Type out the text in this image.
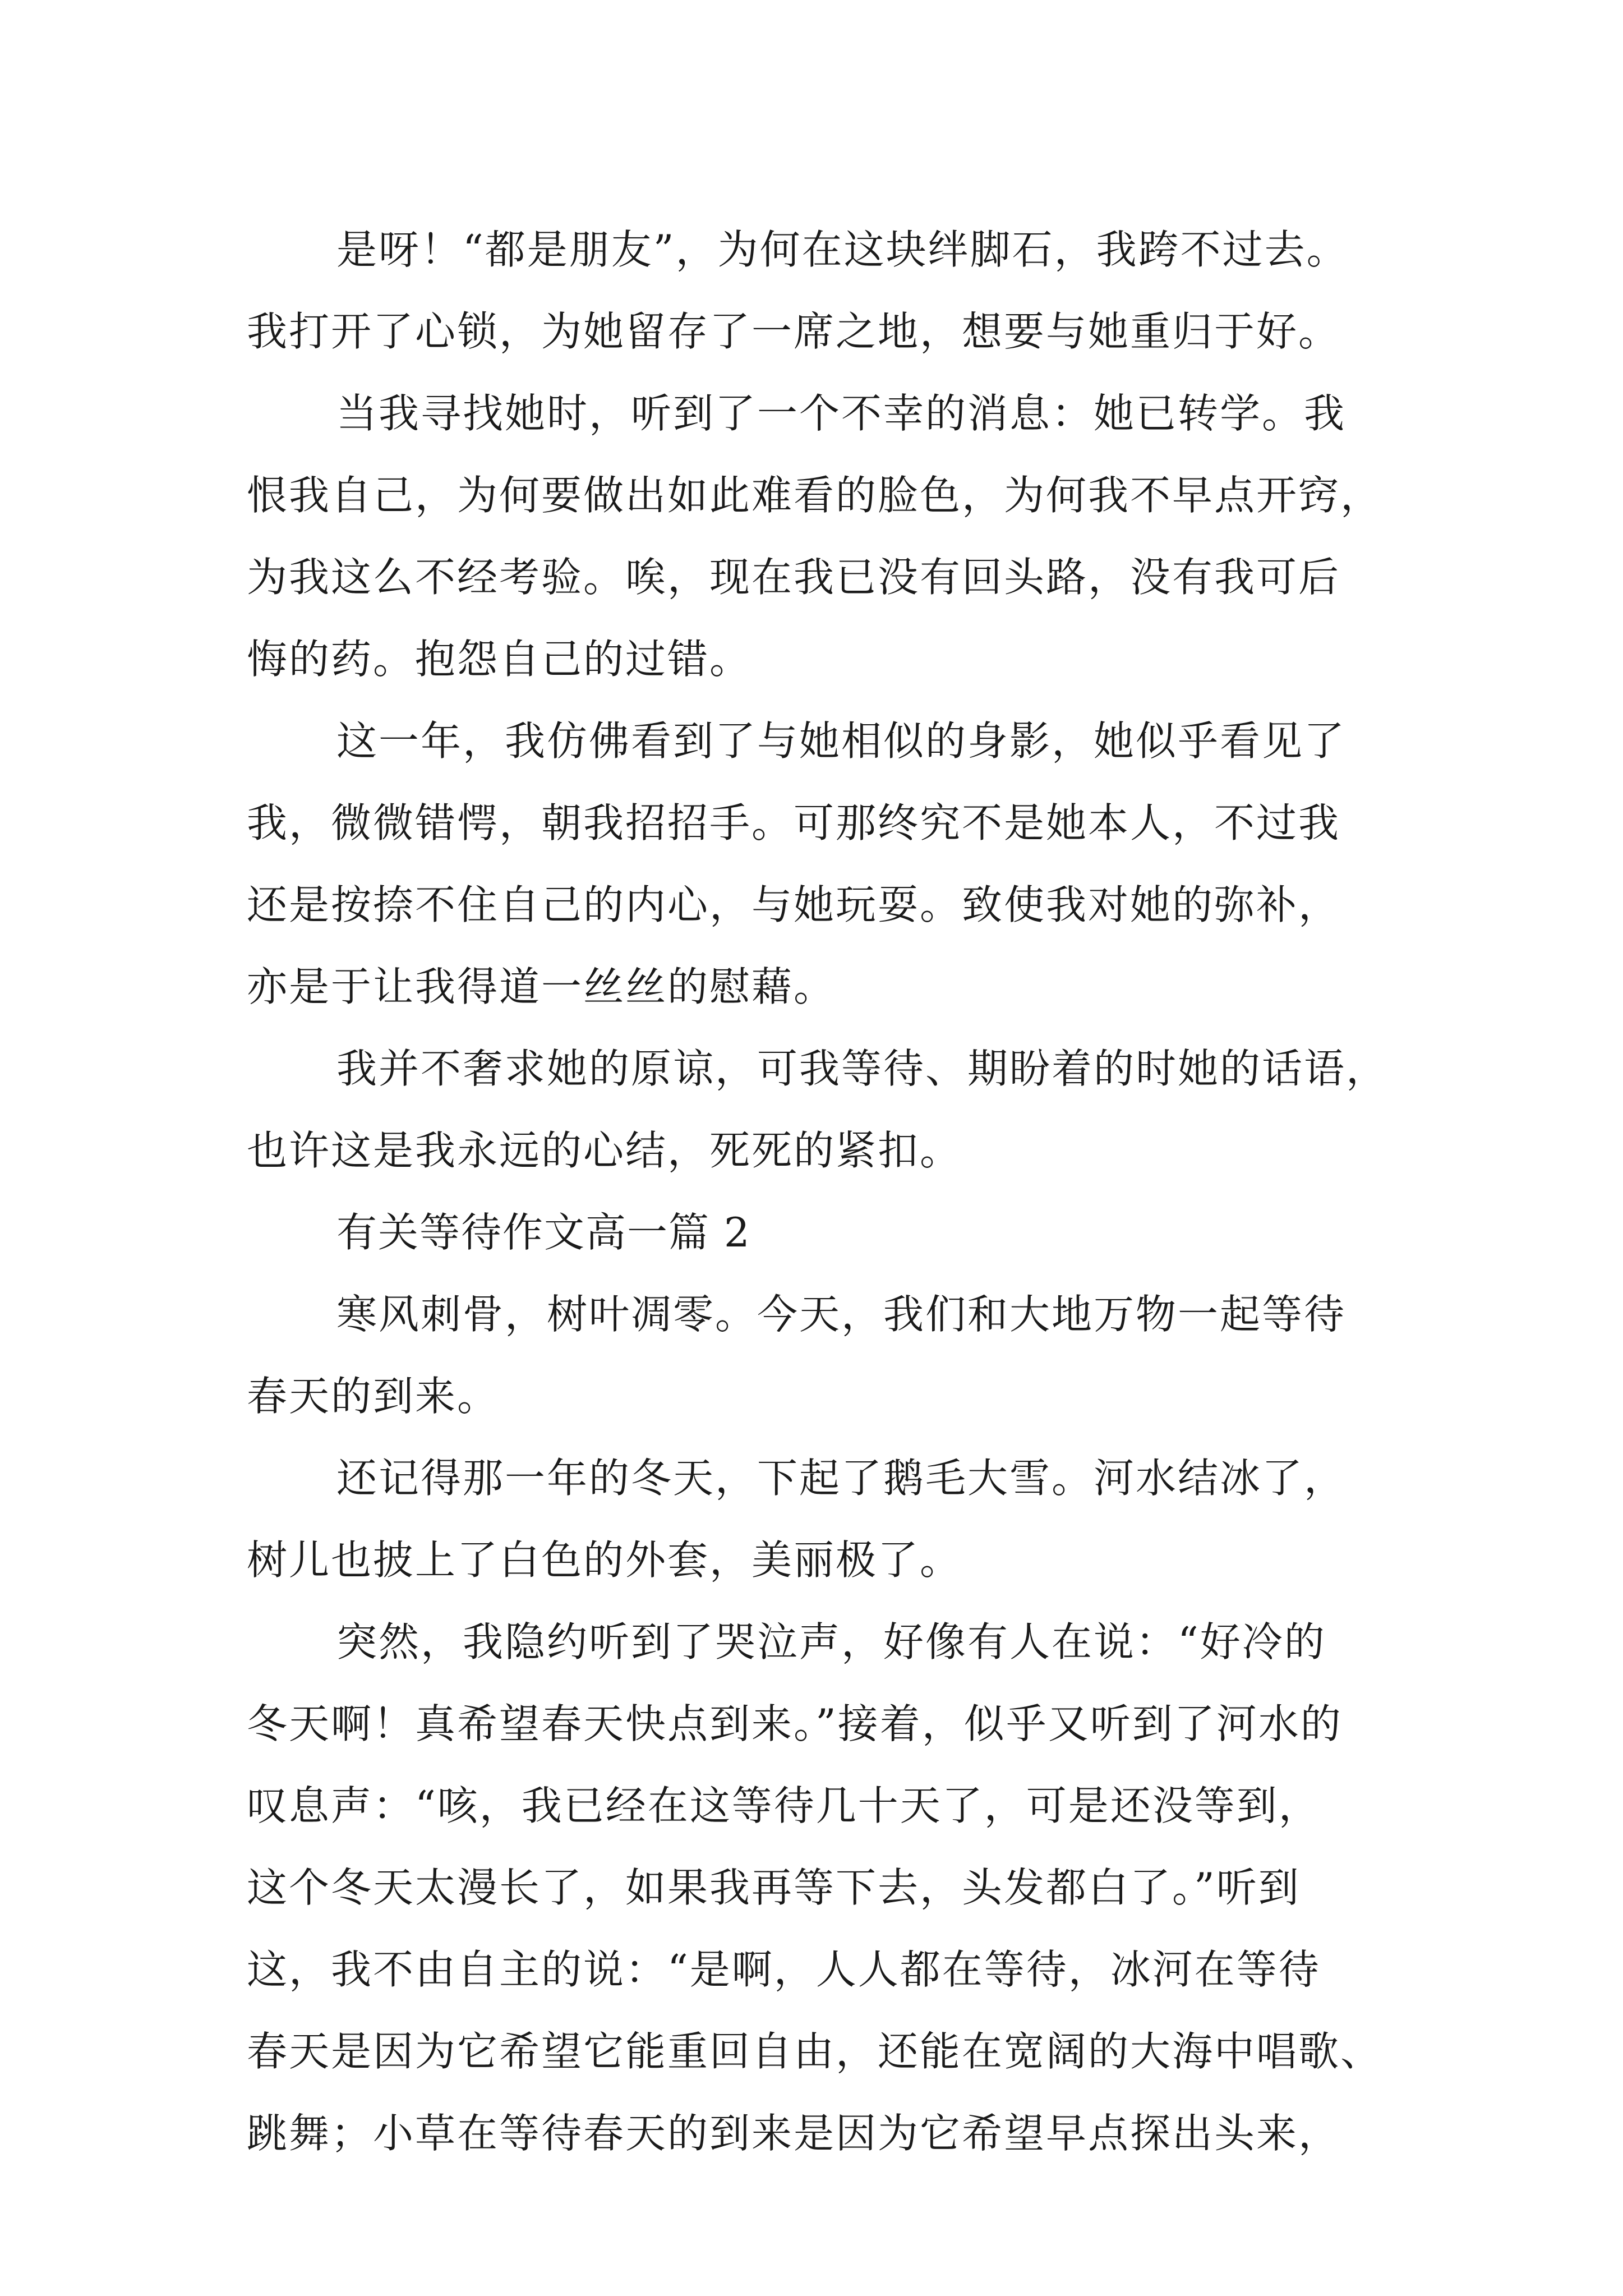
是呀！“都是朋友”，为何在这块绊脚石，我跨不过去。
我打开了心锁，为她留存了一席之地，想要与她重归于好。
当我寻找她时，听到了一个不幸的消息：她已转学。我
恨我自己，为何要做出如此难看的脸色，为何我不早点开窍，
为我这么不经考验。唉，现在我已没有回头路，没有我可后
悔的药。抱怨自己的过错。
这一年，我仿佛看到了与她相似的身影，她似乎看见了
我，微微错愕，朝我招招手。可那终究不是她本人，不过我
还是按捺不住自己的内心，与她玩耍。致使我对她的弥补，
亦是于让我得道一丝丝的慰藉。
我并不奢求她的原谅，可我等待、期盼着的时她的话语，
也许这是我永远的心结，死死的紧扣。
有关等待作文高一篇 2
寒风刺骨，树叶凋零。今天，我们和大地万物一起等待
春天的到来。
还记得那一年的冬天，下起了鹅毛大雪。河水结冰了，
树儿也披上了白色的外套，美丽极了。
突然，我隐约听到了哭泣声，好像有人在说：“好冷的
冬天啊！真希望春天快点到来。”接着，似乎又听到了河水的
叹息声：“咳，我已经在这等待几十天了，可是还没等到，
这个冬天太漫长了，如果我再等下去，头发都白了。”听到
这，我不由自主的说：“是啊，人人都在等待，冰河在等待
春天是因为它希望它能重回自由，还能在宽阔的大海中唱歌、
跳舞；小草在等待春天的到来是因为它希望早点探出头来，
